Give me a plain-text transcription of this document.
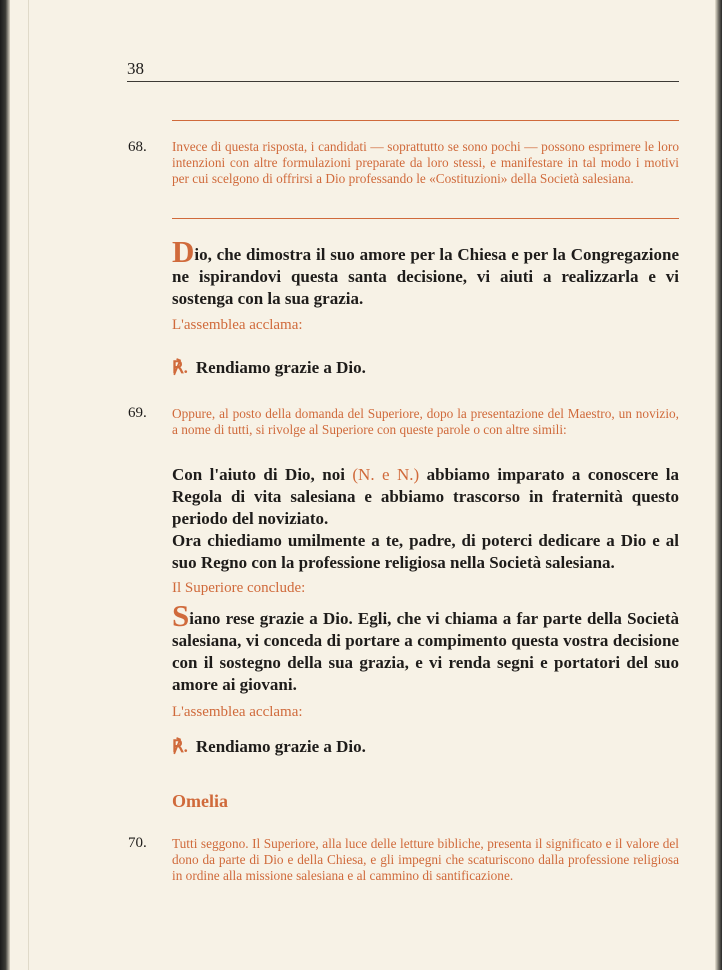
38
68. Invece di questa risposta, i candidati — soprattutto se sono pochi — possono esprimere le loro intenzioni con altre formulazioni preparate da loro stessi, e manifestare in tal modo i motivi per cui scelgono di offrirsi a Dio professando le «Costituzioni» della Società salesiana.
Dio, che dimostra il suo amore per la Chiesa e per la Congregazione ne ispirandovi questa santa decisione, vi aiuti a realizzarla e vi sostenga con la sua grazia.
L'assemblea acclama:
℟. Rendiamo grazie a Dio.
69. Oppure, al posto della domanda del Superiore, dopo la presentazione del Maestro, un novizio, a nome di tutti, si rivolge al Superiore con queste parole o con altre simili:

Con l'aiuto di Dio, noi (N. e N.) abbiamo imparato a conoscere la Regola di vita salesiana e abbiamo trascorso in fraternità questo periodo del noviziato.

Ora chiediamo umilmente a te, padre, di poterci dedicare a Dio e al suo Regno con la professione religiosa nella Società salesiana.

Il Superiore conclude:
Siano rese grazie a Dio. Egli, che vi chiama a far parte della Società salesiana, vi conceda di portare a compimento questa vostra decisione con il sostegno della sua grazia, e vi renda segni e portatori del suo amore ai giovani.
L'assemblea acclama:
℟. Rendiamo grazie a Dio.
Omelia
70. Tutti seggono. Il Superiore, alla luce delle letture bibliche, presenta il significato e il valore del dono da parte di Dio e della Chiesa, e gli impegni che scaturiscono dalla professione religiosa in ordine alla missione salesiana e al cammino di santificazione.
